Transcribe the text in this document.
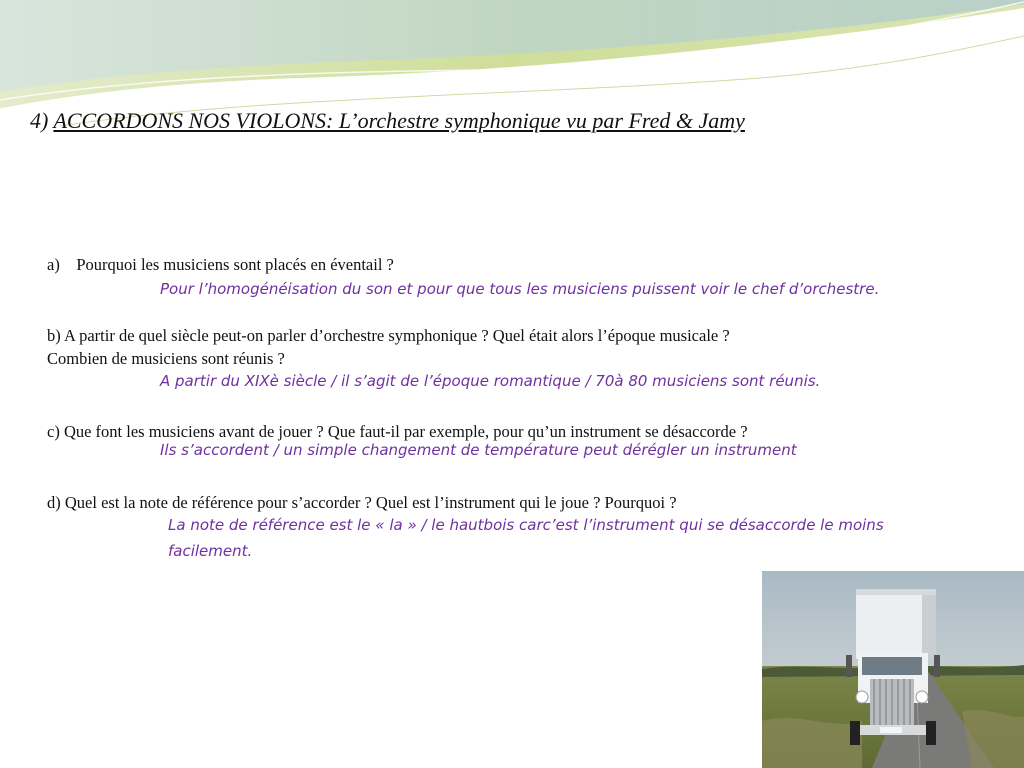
4) ACCORDONS NOS VIOLONS: L’orchestre symphonique vu par Fred & Jamy
a)    Pourquoi les musiciens sont placés en éventail ?
Pour l’homogénéisation du son et pour que tous les musiciens puissent voir le chef d’orchestre.
b) A partir de quel siècle peut-on parler d’orchestre symphonique ? Quel était alors l’époque musicale ?
Combien de musiciens sont réunis ?
A partir du XIXè siècle / il s’agit de l’époque romantique / 70à 80 musiciens sont réunis.
c) Que font les musiciens avant de jouer ? Que faut-il par exemple, pour qu’un instrument se désaccorde ?
Ils s’accordent / un simple changement de température peut dérégler un instrument
d) Quel est la note de référence pour s’accorder ? Quel est l’instrument qui le joue ? Pourquoi ?
La note de référence est le « la » / le hautbois carc’est l’instrument qui se désaccorde le moins
facilement.
